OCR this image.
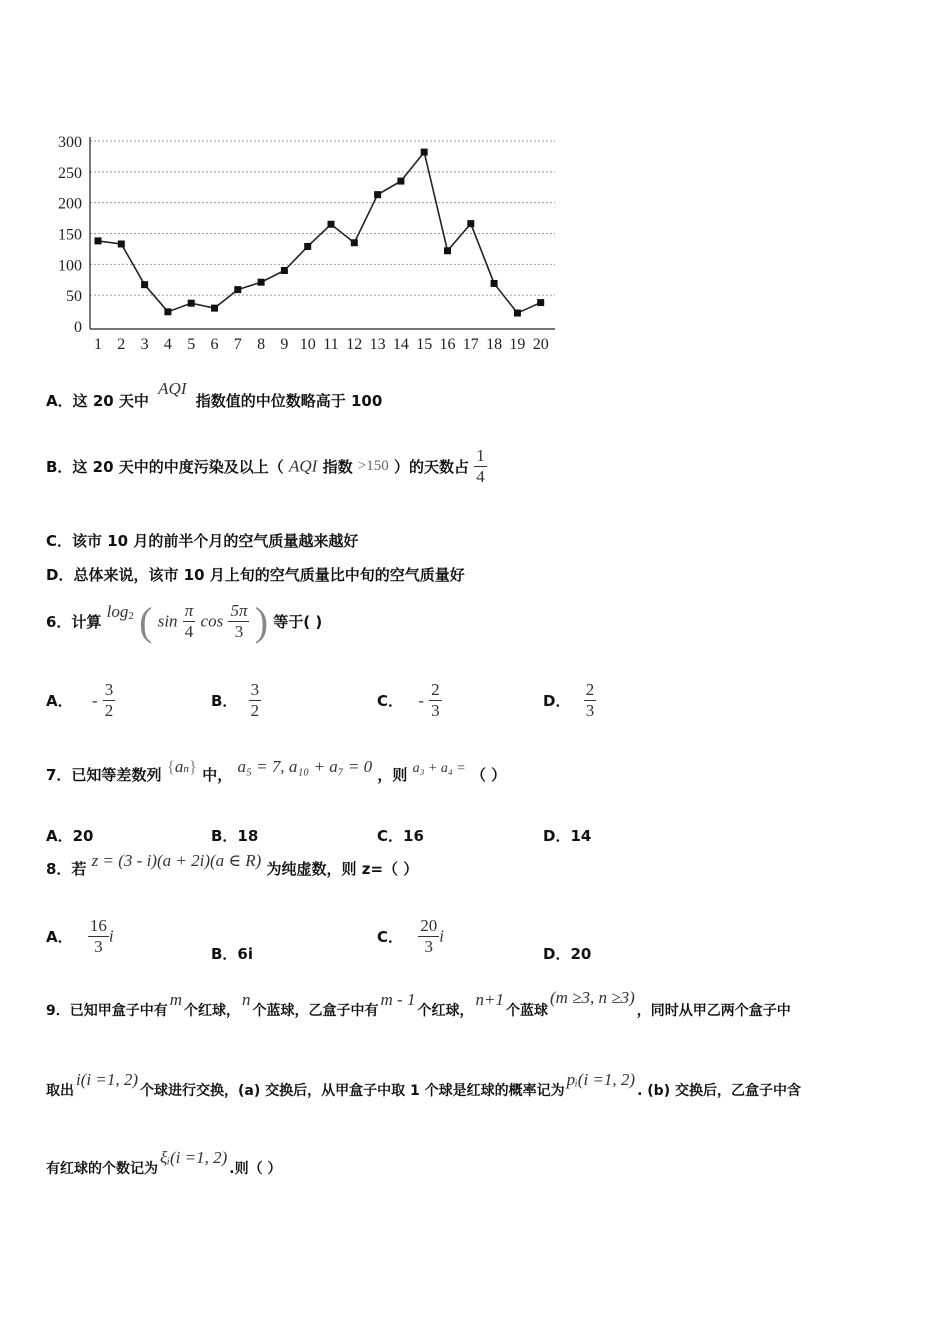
0
50
100
150
200
250
300
1 2 3 4 5 6 7 8 9 10 11 12 13 14 15 16 17 18 19 20
A．这 20 天中 AQI 指数值的中位数略高于 100
B．这 20 天中的中度污染及以上（ AQI 指数 >150 ）的天数占 $\frac{1}{4}$
C．该市 10 月的前半个月的空气质量越来越好
D．总体来说，该市 10 月上旬的空气质量比中旬的空气质量好
6．计算 $\log^2$ ( $\sin \frac{\pi}{4}$ $\cos \frac{5\pi}{3}$ ) 等于( )
A． - $\frac{3}{2}$	B． $\frac{3}{2}$	C． - $\frac{2}{3}$	D． $\frac{2}{3}$
7．已知等差数列 {an} 中， a₅ = 7, a₁₀ + a₇ = 0 ，则 a₃ + a₄ = （ ）
A．20	B．18	C．16	D．14
8．若 z = (3 - i)(a + 2i)(a ∈ R) 为纯虚数，则 z=（ ）
A． $\frac{16}{3}$ i
B．6i
C． $\frac{20}{3}$ i
D．20
9．已知甲盒子中有m个红球，n个蓝球，乙盒子中有m - 1个红球，n+1个蓝球(m ≥3, n ≥3)，同时从甲乙两个盒子中
取出i(i =1, 2)个球进行交换，(a) 交换后，从甲盒子中取 1 个球是红球的概率记为pᵢ(i =1, 2). (b) 交换后，乙盒子中含
有红球的个数记为ξᵢ(i =1, 2).则（ ）
